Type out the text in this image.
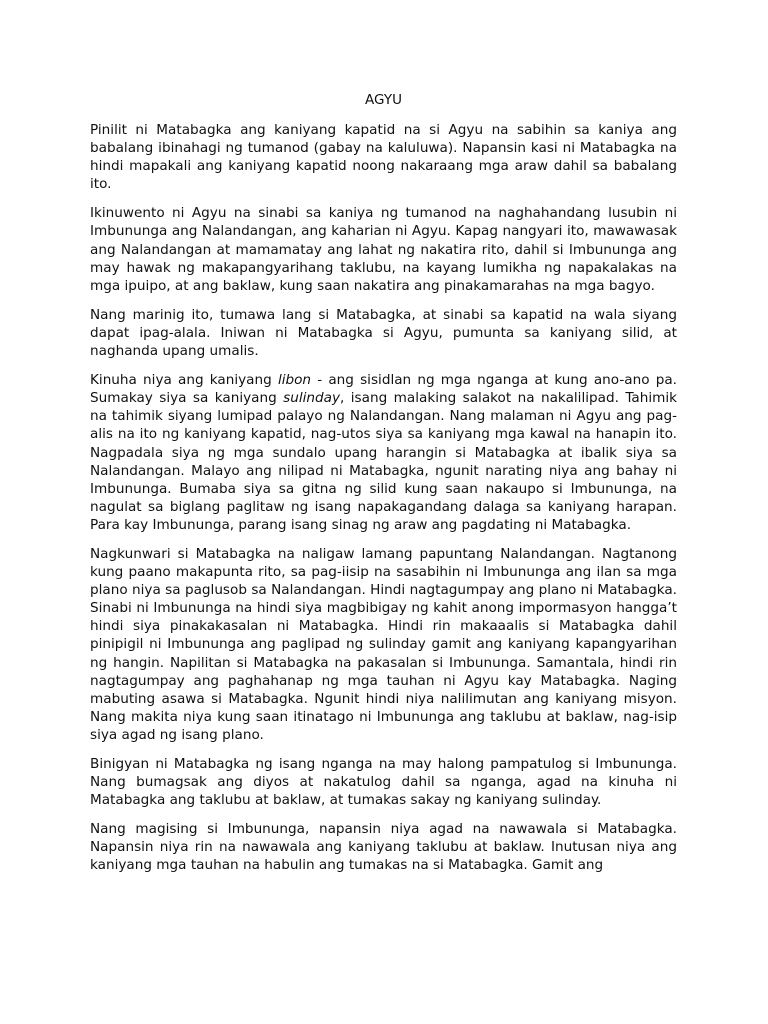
AGYU

Pinilit ni Matabagka ang kaniyang kapatid na si Agyu na sabihin sa kaniya ang babalang ibinahagi ng tumanod (gabay na kaluluwa). Napansin kasi ni Matabagka na hindi mapakali ang kaniyang kapatid noong nakaraang mga araw dahil sa babalang ito.

Ikinuwento ni Agyu na sinabi sa kaniya ng tumanod na naghahandang lusubin ni Imbununga ang Nalandangan, ang kaharian ni Agyu. Kapag nangyari ito, mawawasak ang Nalandangan at mamamatay ang lahat ng nakatira rito, dahil si Imbununga ang may hawak ng makapangyarihang taklubu, na kayang lumikha ng napakalakas na mga ipuipo, at ang baklaw, kung saan nakatira ang pinakamarahas na mga bagyo.

Nang marinig ito, tumawa lang si Matabagka, at sinabi sa kapatid na wala siyang dapat ipag-alala. Iniwan ni Matabagka si Agyu, pumunta sa kaniyang silid, at naghanda upang umalis.

Kinuha niya ang kaniyang libon - ang sisidlan ng mga nganga at kung ano-ano pa. Sumakay siya sa kaniyang sulinday, isang malaking salakot na nakalilipad. Tahimik na tahimik siyang lumipad palayo ng Nalandangan. Nang malaman ni Agyu ang pag-alis na ito ng kaniyang kapatid, nag-utos siya sa kaniyang mga kawal na hanapin ito. Nagpadala siya ng mga sundalo upang harangin si Matabagka at ibalik siya sa Nalandangan. Malayo ang nilipad ni Matabagka, ngunit narating niya ang bahay ni Imbununga. Bumaba siya sa gitna ng silid kung saan nakaupo si Imbununga, na nagulat sa biglang paglitaw ng isang napakagandang dalaga sa kaniyang harapan. Para kay Imbununga, parang isang sinag ng araw ang pagdating ni Matabagka.

Nagkunwari si Matabagka na naligaw lamang papuntang Nalandangan. Nagtanong kung paano makapunta rito, sa pag-iisip na sasabihin ni Imbununga ang ilan sa mga plano niya sa paglusob sa Nalandangan. Hindi nagtagumpay ang plano ni Matabagka. Sinabi ni Imbununga na hindi siya magbibigay ng kahit anong impormasyon hangga’t hindi siya pinakakasalan ni Matabagka. Hindi rin makaaalis si Matabagka dahil pinipigil ni Imbununga ang paglipad ng sulinday gamit ang kaniyang kapangyarihan ng hangin. Napilitan si Matabagka na pakasalan si Imbununga. Samantala, hindi rin nagtagumpay ang paghahanap ng mga tauhan ni Agyu kay Matabagka. Naging mabuting asawa si Matabagka. Ngunit hindi niya nalilimutan ang kaniyang misyon. Nang makita niya kung saan itinatago ni Imbununga ang taklubu at baklaw, nag-isip siya agad ng isang plano.

Binigyan ni Matabagka ng isang nganga na may halong pampatulog si Imbununga. Nang bumagsak ang diyos at nakatulog dahil sa nganga, agad na kinuha ni Matabagka ang taklubu at baklaw, at tumakas sakay ng kaniyang sulinday.

Nang magising si Imbununga, napansin niya agad na nawawala si Matabagka. Napansin niya rin na nawawala ang kaniyang taklubu at baklaw. Inutusan niya ang kaniyang mga tauhan na habulin ang tumakas na si Matabagka. Gamit ang
